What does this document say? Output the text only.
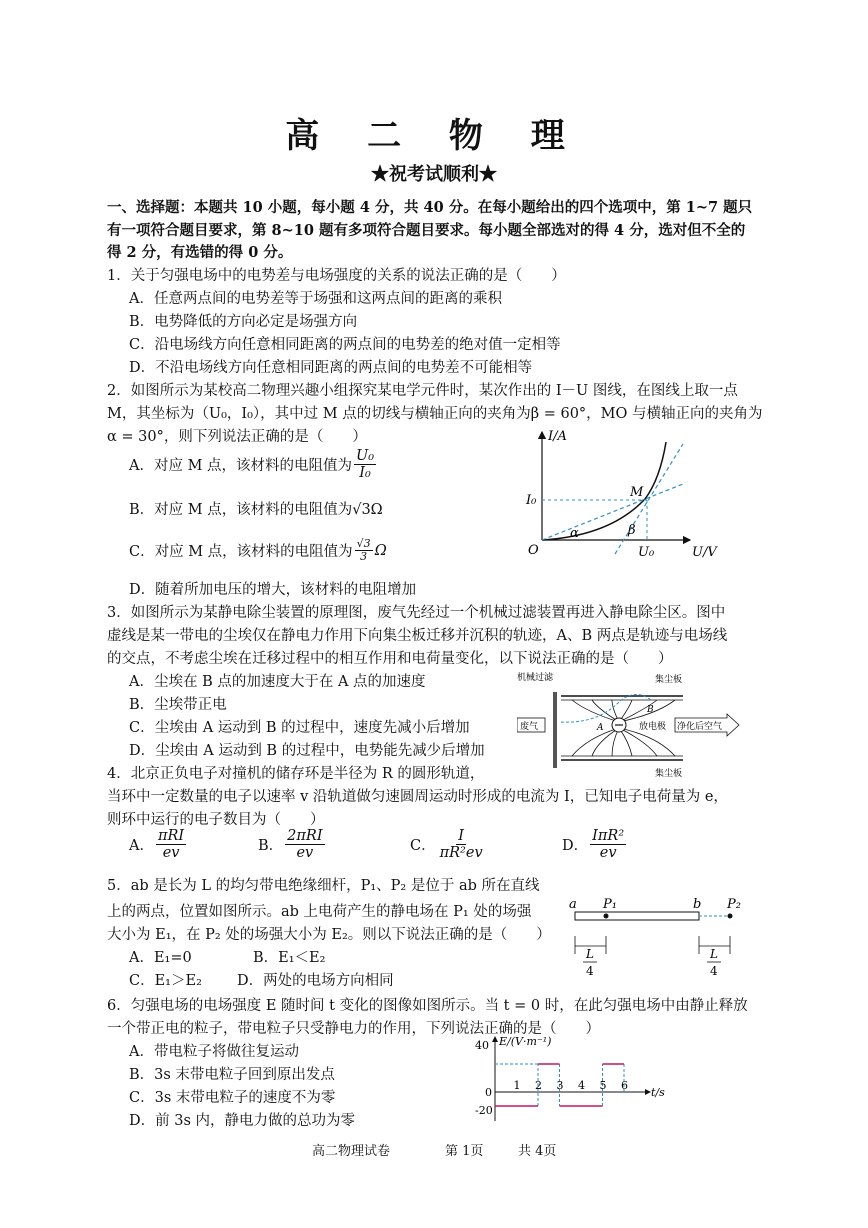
高 二 物 理
★祝考试顺利★
一、选择题：本题共 10 小题，每小题 4 分，共 40 分。在每小题给出的四个选项中，第 1~7 题只
有一项符合题目要求，第 8~10 题有多项符合题目要求。每小题全部选对的得 4 分，选对但不全的
得 2 分，有选错的得 0 分。
1．关于匀强电场中的电势差与电场强度的关系的说法正确的是（　　）
A．任意两点间的电势差等于场强和这两点间的距离的乘积
B．电势降低的方向必定是场强方向
C．沿电场线方向任意相同距离的两点间的电势差的绝对值一定相等
D．不沿电场线方向任意相同距离的两点间的电势差不可能相等
2．如图所示为某校高二物理兴趣小组探究某电学元件时，某次作出的 I－U 图线，在图线上取一点
M，其坐标为（U₀，I₀），其中过 M 点的切线与横轴正向的夹角为β = 60°，MO 与横轴正向的夹角为
α = 30°，则下列说法正确的是（　　）
A．对应 M 点，该材料的电阻值为 $\frac{\text{U₀}}{\text{I₀}}$
B．对应 M 点，该材料的电阻值为√3Ω
C．对应 M 点，该材料的电阻值为 $\frac{√3}{3}$ Ω
D．随着所加电压的增大，该材料的电阻增加
I/A
U/V
O
I₀
U₀
M
α	β
3．如图所示为某静电除尘装置的原理图，废气先经过一个机械过滤装置再进入静电除尘区。图中
虚线是某一带电的尘埃仅在静电力作用下向集尘板迁移并沉积的轨迹，A、B 两点是轨迹与电场线
的交点，不考虑尘埃在迁移过程中的相互作用和电荷量变化，以下说法正确的是（　　）
A．尘埃在 B 点的加速度大于在 A 点的加速度
B．尘埃带正电
C．尘埃由 A 运动到 B 的过程中，速度先减小后增加
D．尘埃由 A 运动到 B 的过程中，电势能先减少后增加
机械过滤	集尘板
集尘板
废气	放电极 净化后空气
A
B
4．北京正负电子对撞机的储存环是半径为 R 的圆形轨道，
当环中一定数量的电子以速率 v 沿轨道做匀速圆周运动时形成的电流为 I，已知电子电荷量为 e，
则环中运行的电子数目为（　　）
A． $\frac{\text{πRI}}{ev}$	B． $\frac{\text{2πRI}}{ev}$	C． $\frac{I}{\text{πR²ev}}$	D． $\frac{\text{IπR²}}{ev}$
5．ab 是长为 L 的均匀带电绝缘细杆，P₁、P₂ 是位于 ab 所在直线
上的两点，位置如图所示。ab 上电荷产生的静电场在 P₁ 处的场强
大小为 E₁，在 P₂ 处的场强大小为 E₂。则以下说法正确的是（　　）
A．E₁=0	B．E₁＜E₂
C．E₁＞E₂ D．两处的电场方向相同
a P₁	b P₂
L
4
L
4
6．匀强电场的电场强度 E 随时间 t 变化的图像如图所示。当 t = 0 时，在此匀强电场中由静止释放
一个带正电的粒子，带电粒子只受静电力的作用，下列说法正确的是（　　）
A．带电粒子将做往复运动
B．3s 末带电粒子回到原出发点
C．3s 末带电粒子的速度不为零
D．前 3s 内，静电力做的总功为零
1 2 3 4 5 6
40
0
-20
E/(V·m⁻¹)
t/s
高二物理试卷	第 1页	共 4页
